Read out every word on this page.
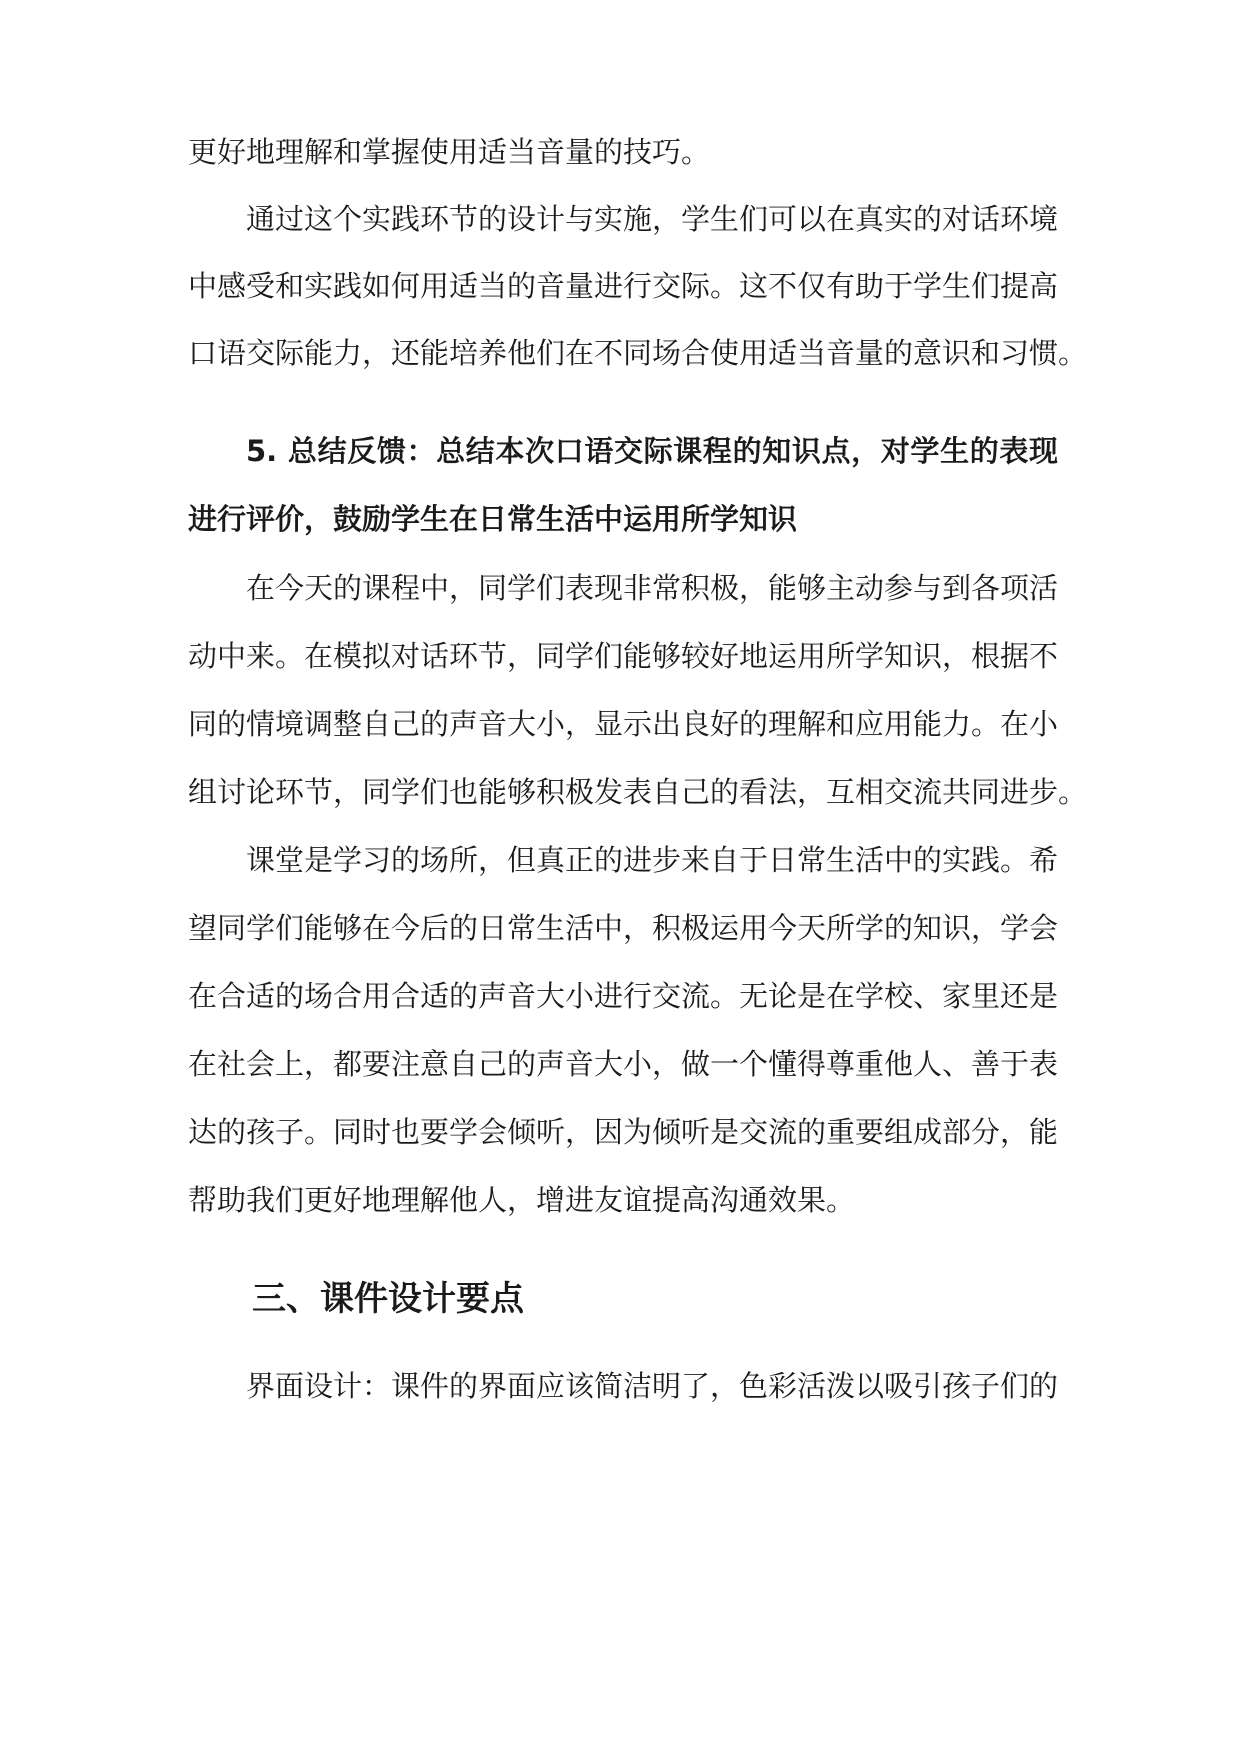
更好地理解和掌握使用适当音量的技巧。
通过这个实践环节的设计与实施，学生们可以在真实的对话环境
中感受和实践如何用适当的音量进行交际。这不仅有助于学生们提高
口语交际能力，还能培养他们在不同场合使用适当音量的意识和习惯。
5. 总结反馈：总结本次口语交际课程的知识点，对学生的表现
进行评价，鼓励学生在日常生活中运用所学知识
在今天的课程中，同学们表现非常积极，能够主动参与到各项活
动中来。在模拟对话环节，同学们能够较好地运用所学知识，根据不
同的情境调整自己的声音大小，显示出良好的理解和应用能力。在小
组讨论环节，同学们也能够积极发表自己的看法，互相交流共同进步。
课堂是学习的场所，但真正的进步来自于日常生活中的实践。希
望同学们能够在今后的日常生活中，积极运用今天所学的知识，学会
在合适的场合用合适的声音大小进行交流。无论是在学校、家里还是
在社会上，都要注意自己的声音大小，做一个懂得尊重他人、善于表
达的孩子。同时也要学会倾听，因为倾听是交流的重要组成部分，能
帮助我们更好地理解他人，增进友谊提高沟通效果。
三、课件设计要点
界面设计：课件的界面应该简洁明了，色彩活泼以吸引孩子们的
